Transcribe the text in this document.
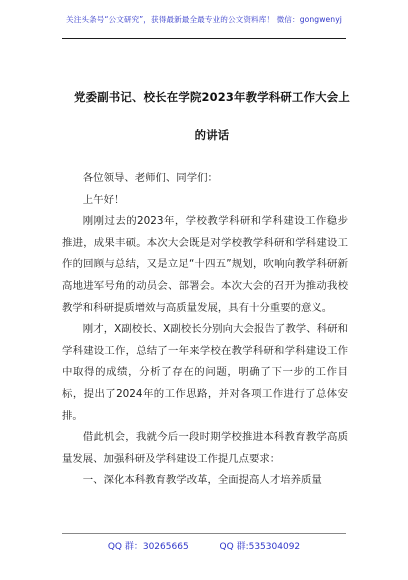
关注头条号“公文研究”，获得最新最全最专业的公文资料库！ 微信：gongwenyj
党委副书记、校长在学院2023年教学科研工作大会上的讲话

各位领导、老师们、同学们：

上午好！

刚刚过去的2023年，学校教学科研和学科建设工作稳步推进，成果丰硕。本次大会既是对学校教学科研和学科建设工作的回顾与总结，又是立足“十四五”规划，吹响向教学科研新高地进军号角的动员会、部署会。本次大会的召开为推动我校教学和科研提质增效与高质量发展，具有十分重要的意义。

刚才，X副校长、X副校长分别向大会报告了教学、科研和学科建设工作，总结了一年来学校在教学科研和学科建设工作中取得的成绩，分析了存在的问题，明确了下一步的工作目标，提出了2024年的工作思路，并对各项工作进行了总体安排。

借此机会，我就今后一段时期学校推进本科教育教学高质量发展、加强科研及学科建设工作提几点要求：

一、深化本科教育教学改革，全面提高人才培养质量

QQ 群：30265665	QQ 群:535304092
